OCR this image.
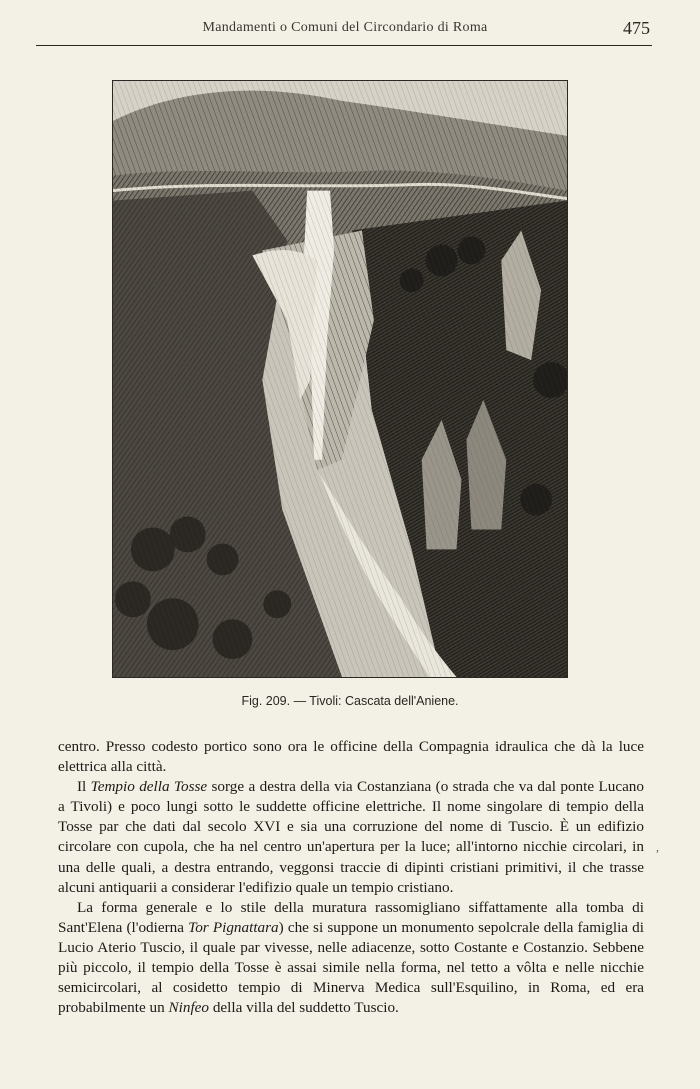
Mandamenti o Comuni del Circondario di Roma	475
Fig. 209. — Tivoli: Cascata dell'Aniene.

centro. Presso codesto portico sono ora le officine della Compagnia idraulica che dà la luce elettrica alla città.

Il Tempio della Tosse sorge a destra della via Costanziana (o strada che va dal ponte Lucano a Tivoli) e poco lungi sotto le suddette officine elettriche. Il nome singolare di tempio della Tosse par che dati dal secolo XVI e sia una corruzione del nome di Tuscio. È un edifizio circolare con cupola, che ha nel centro un'apertura per la luce; all'intorno nicchie circolari, in una delle quali, a destra entrando, veggonsi traccie di dipinti cristiani primitivi, il che trasse alcuni antiquarii a considerar l'edifizio quale un tempio cristiano.

La forma generale e lo stile della muratura rassomigliano siffattamente alla tomba di Sant'Elena (l'odierna Tor Pignattara) che si suppone un monumento sepolcrale della famiglia di Lucio Aterio Tuscio, il quale par vivesse, nelle adiacenze, sotto Costante e Costanzio. Sebbene più piccolo, il tempio della Tosse è assai simile nella forma, nel tetto a vôlta e nelle nicchie semicircolari, al cosidetto tempio di Minerva Medica sull'Esquilino, in Roma, ed era probabilmente un Ninfeo della villa del suddetto Tuscio.

,
